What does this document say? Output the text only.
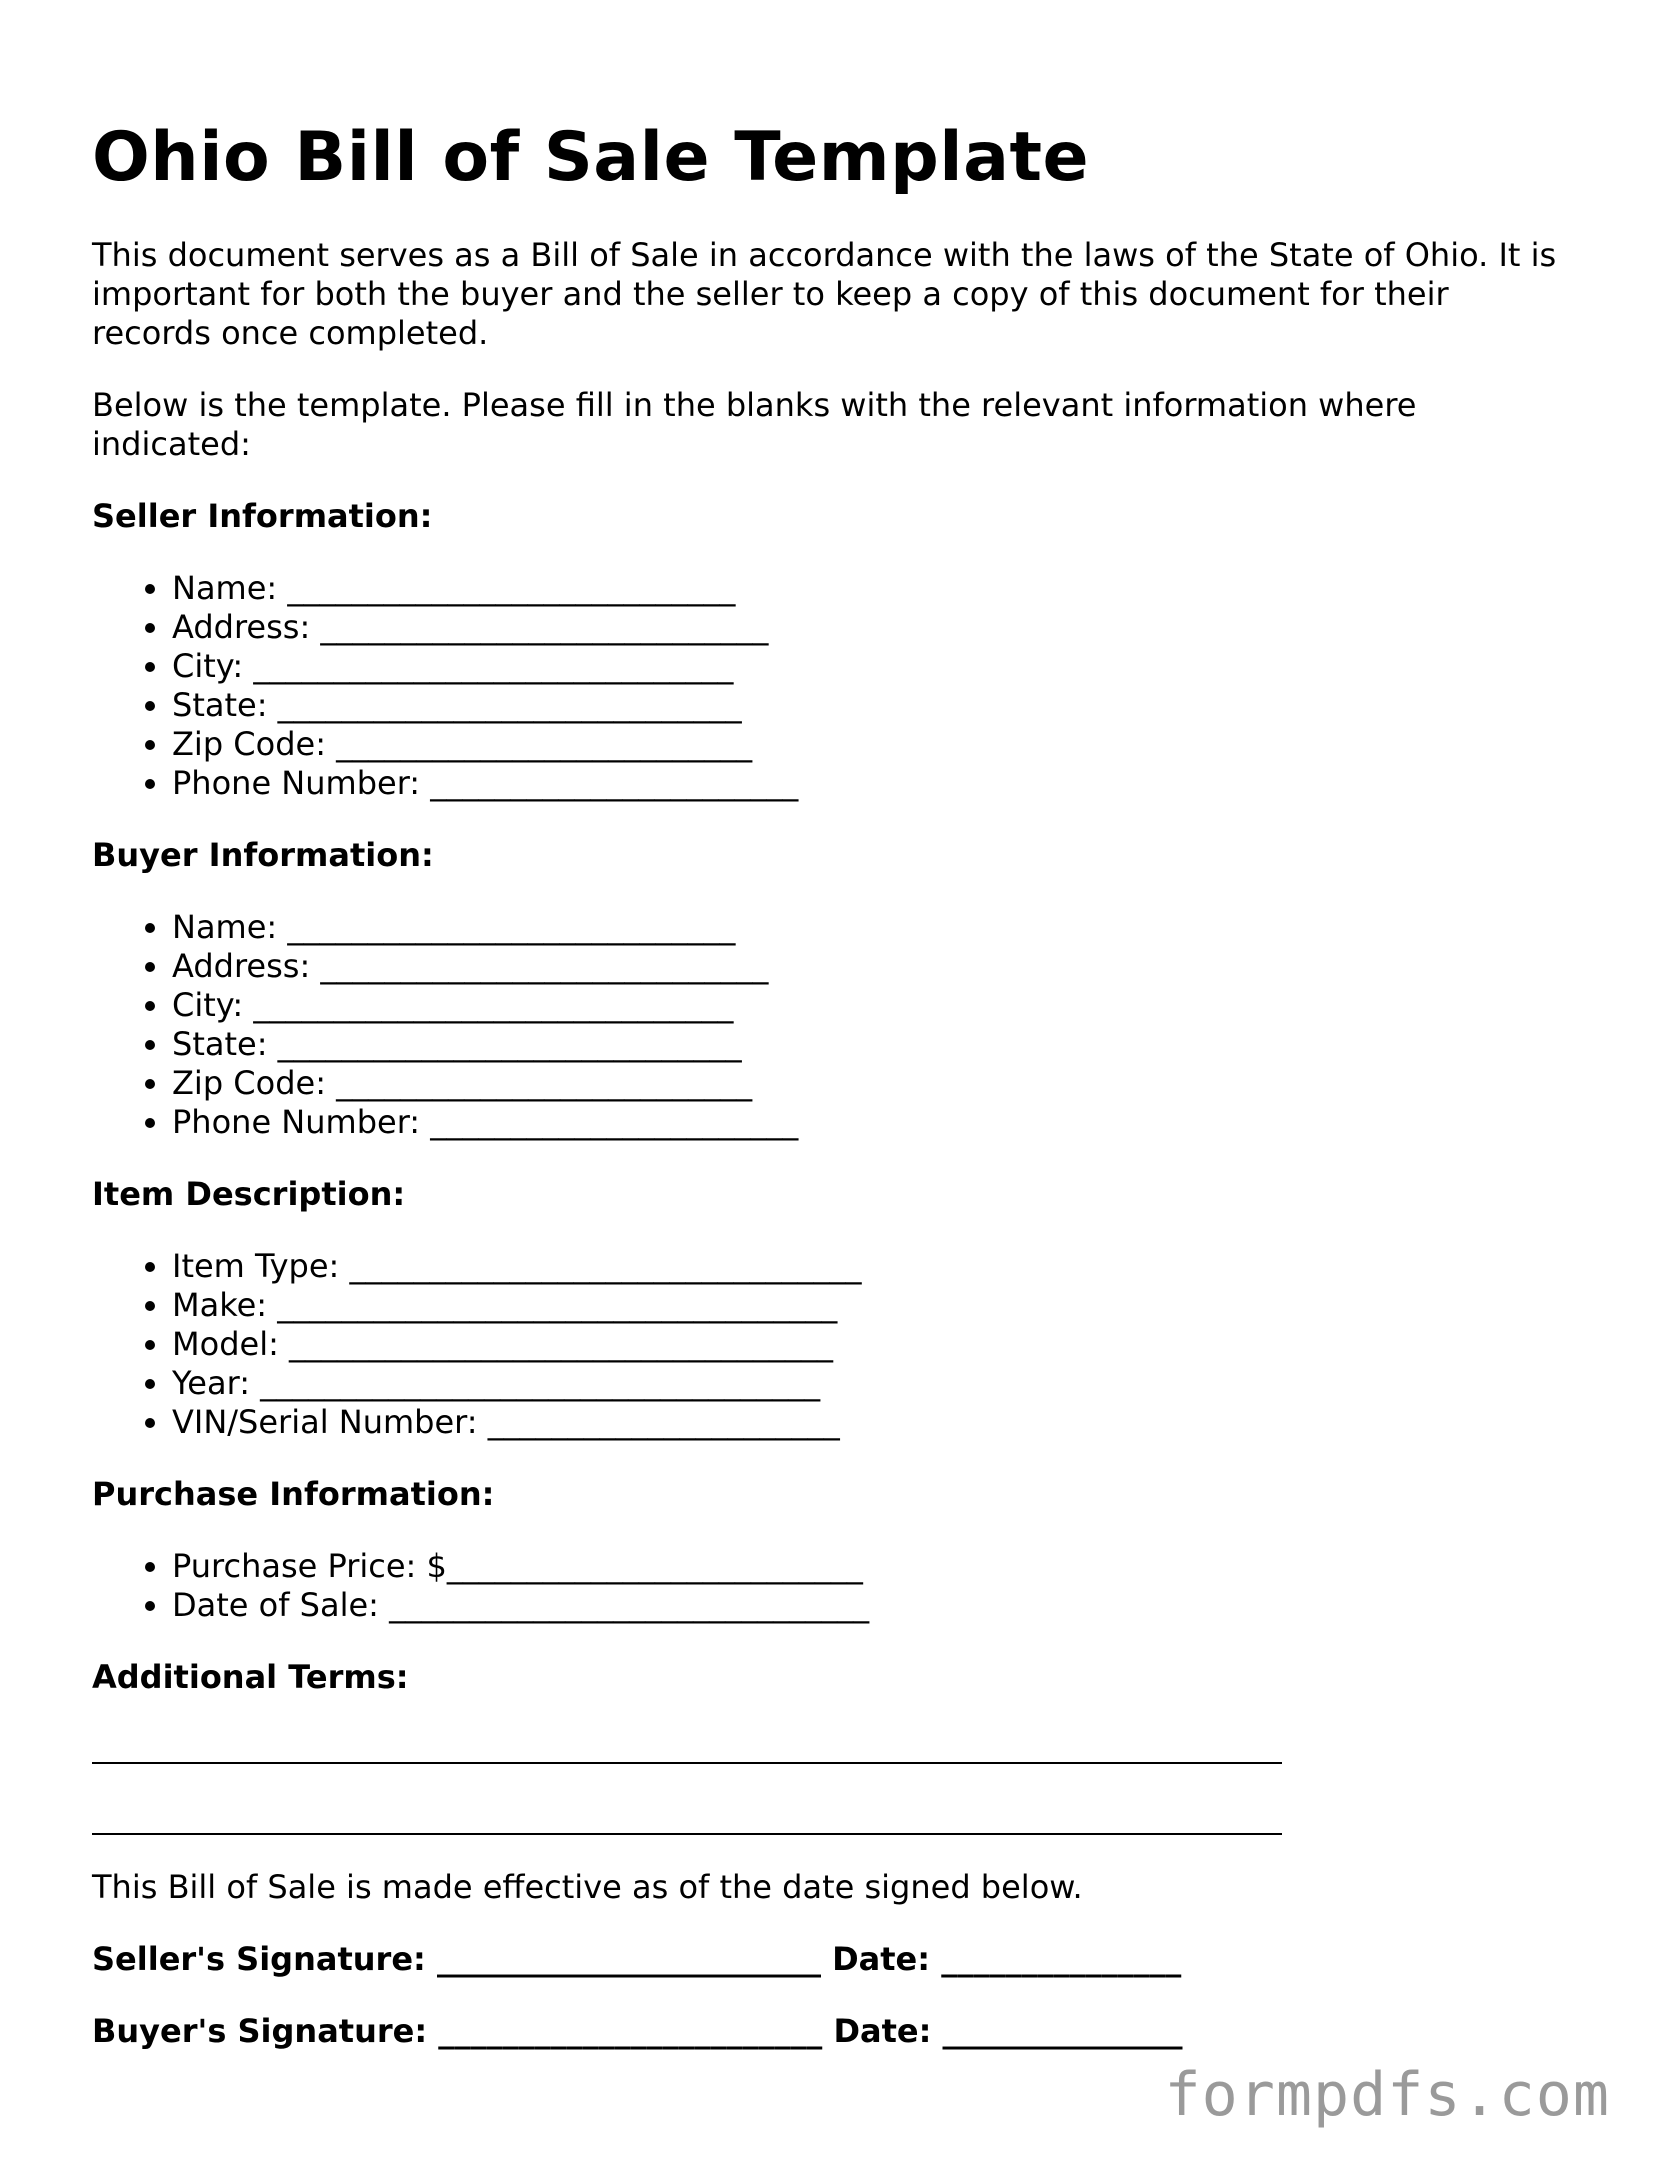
Ohio Bill of Sale Template

This document serves as a Bill of Sale in accordance with the laws of the State of Ohio. It is important for both the buyer and the seller to keep a copy of this document for their records once completed.

Below is the template. Please fill in the blanks with the relevant information where indicated:

Seller Information:
• Name: ____________________________
• Address: ____________________________
• City: ______________________________
• State: _____________________________
• Zip Code: __________________________
• Phone Number: _______________________
Buyer Information:
• Name: ____________________________
• Address: ____________________________
• City: ______________________________
• State: _____________________________
• Zip Code: __________________________
• Phone Number: _______________________
Item Description:
• Item Type: ________________________________
• Make: ___________________________________
• Model: __________________________________
• Year: ___________________________________
• VIN/Serial Number: ______________________
Purchase Information:
• Purchase Price: $__________________________
• Date of Sale: ______________________________
Additional Terms:

This Bill of Sale is made effective as of the date signed below.

Seller's Signature: ________________________ Date: _______________
Buyer's Signature: ________________________ Date: _______________
formpdfs.com
